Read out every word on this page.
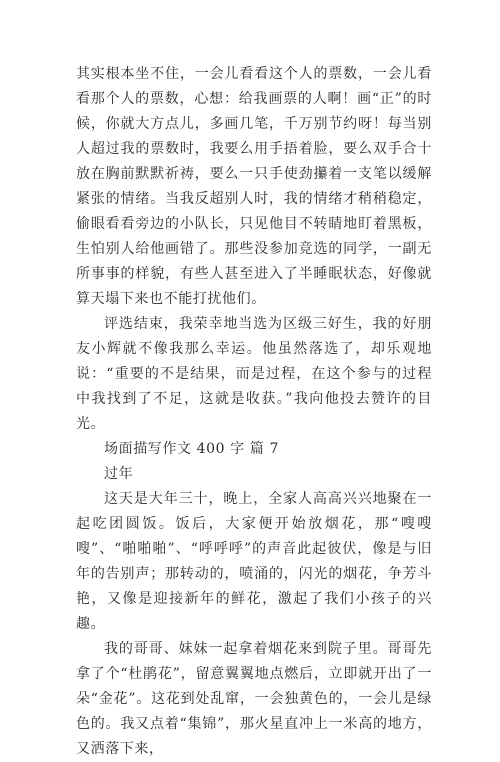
其实根本坐不住，一会儿看看这个人的票数，一会儿看看那个人的票数，心想：给我画票的人啊！画“正”的时候，你就大方点儿，多画几笔，千万别节约呀！每当别人超过我的票数时，我要么用手捂着脸，要么双手合十放在胸前默默祈祷，要么一只手使劲攥着一支笔以缓解紧张的情绪。当我反超别人时，我的情绪才稍稍稳定，偷眼看看旁边的小队长，只见他目不转睛地盯着黑板，生怕别人给他画错了。那些没参加竞选的同学，一副无所事事的样貌，有些人甚至进入了半睡眠状态，好像就算天塌下来也不能打扰他们。

评选结束，我荣幸地当选为区级三好生，我的好朋友小辉就不像我那么幸运。他虽然落选了，却乐观地说：“重要的不是结果，而是过程，在这个参与的过程中我找到了不足，这就是收获。”我向他投去赞许的目光。

场面描写作文 400 字 篇 7

过年

这天是大年三十，晚上，全家人高高兴兴地聚在一起吃团圆饭。饭后，大家便开始放烟花，那“嗖嗖嗖”、“啪啪啪”、“呼呼呼”的声音此起彼伏，像是与旧年的告别声；那转动的，喷涌的，闪光的烟花，争芳斗艳，又像是迎接新年的鲜花，激起了我们小孩子的兴趣。

我的哥哥、妹妹一起拿着烟花来到院子里。哥哥先拿了个“杜鹃花”，留意翼翼地点燃后，立即就开出了一朵“金花”。这花到处乱窜，一会独黄色的，一会儿是绿色的。我又点着“集锦”，那火星直冲上一米高的地方，又洒落下来，
